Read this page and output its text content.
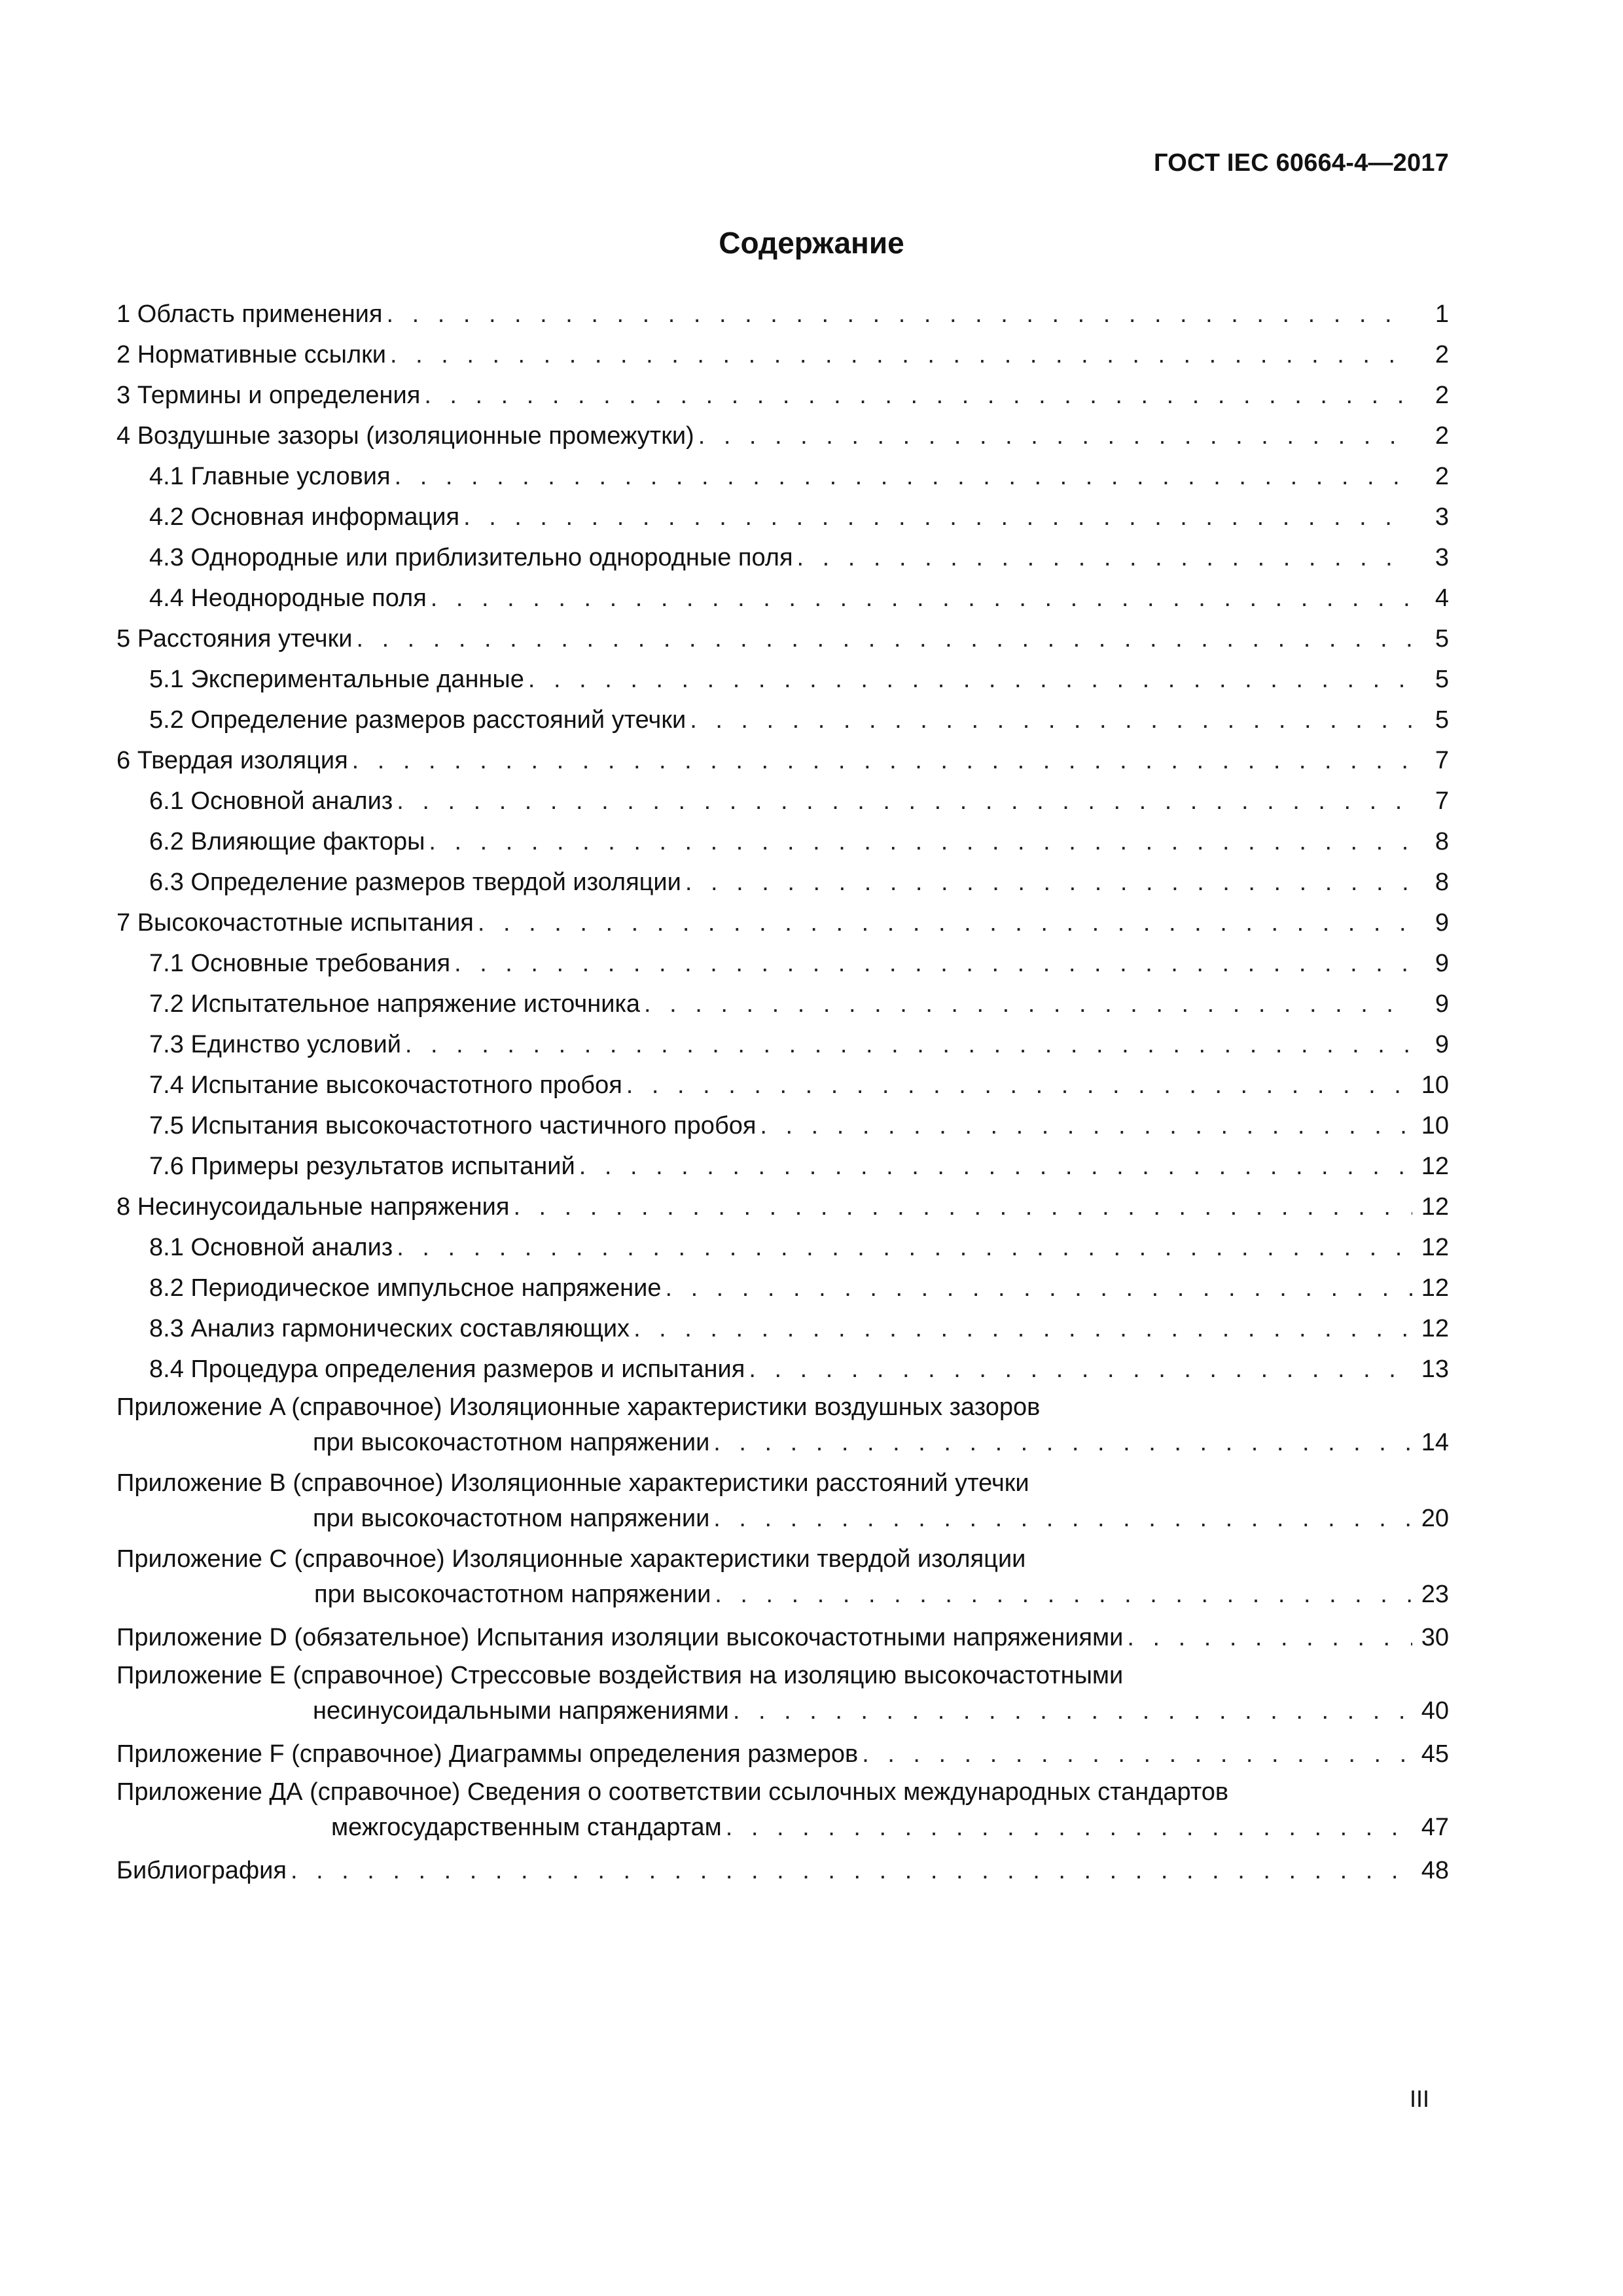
ГОСТ IEC 60664-4—2017
Содержание
1 Область применения . . .	1
2 Нормативные ссылки . . .	2
3 Термины и определения . . .	2
4 Воздушные зазоры (изоляционные промежутки) . . .	2
4.1 Главные условия . . .	2
4.2 Основная информация . . .	3
4.3 Однородные или приблизительно однородные поля . . .	3
4.4 Неоднородные поля . . .	4
5 Расстояния утечки . . .	5
5.1 Экспериментальные данные . . .	5
5.2 Определение размеров расстояний утечки . . .	5
6 Твердая изоляция . . .	7
6.1 Основной анализ . . .	7
6.2 Влияющие факторы . . .	8
6.3 Определение размеров твердой изоляции . . .	8
7 Высокочастотные испытания . . .	9
7.1 Основные требования . . .	9
7.2 Испытательное напряжение источника . . .	9
7.3 Единство условий . . .	9
7.4 Испытание высокочастотного пробоя . . .	10
7.5 Испытания высокочастотного частичного пробоя . . .	10
7.6 Примеры результатов испытаний . . .	12
8 Несинусоидальные напряжения . . .	12
8.1 Основной анализ . . .	12
8.2 Периодическое импульсное напряжение . . .	12
8.3 Анализ гармонических составляющих . . .	12
8.4 Процедура определения размеров и испытания . . .	13
Приложение A (справочное) Изоляционные характеристики воздушных зазоров
при высокочастотном напряжении . . .	14
Приложение B (справочное) Изоляционные характеристики расстояний утечки
при высокочастотном напряжении . . .	20
Приложение C (справочное) Изоляционные характеристики твердой изоляции
при высокочастотном напряжении . . .	23
Приложение D (обязательное) Испытания изоляции высокочастотными напряжениями . . .	30
Приложение E (справочное) Стрессовые воздействия на изоляцию высокочастотными
несинусоидальными напряжениями . . .	40
Приложение F (справочное) Диаграммы определения размеров . . .	45
Приложение ДА (справочное) Сведения о соответствии ссылочных международных стандартов
межгосударственным стандартам . . .	47
Библиография . . .	48
III
